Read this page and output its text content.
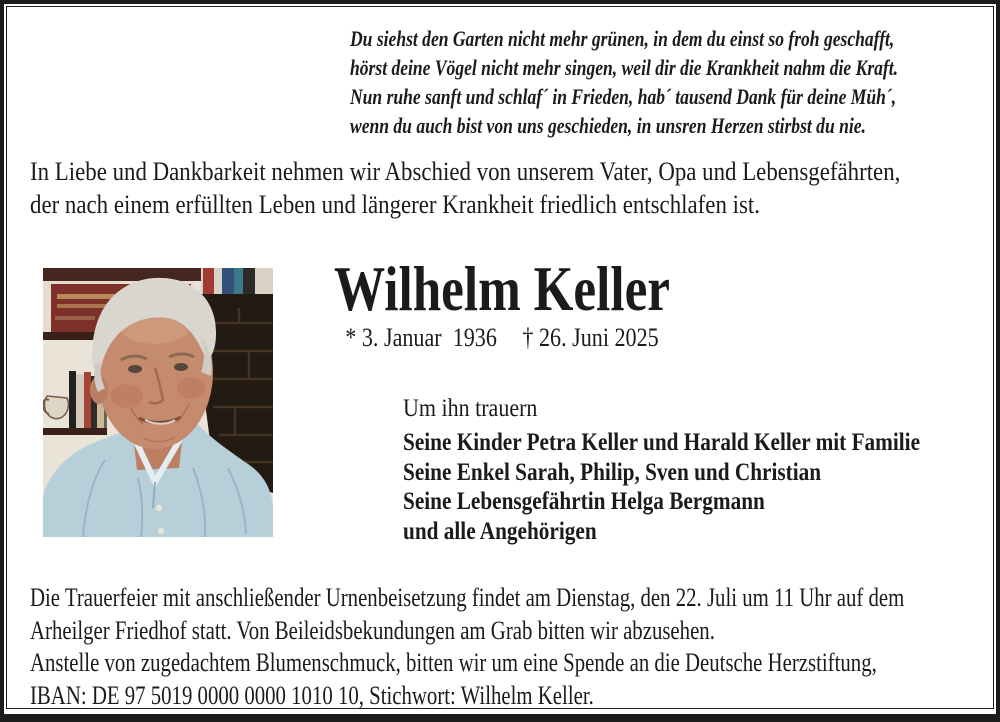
Du siehst den Garten nicht mehr grünen, in dem du einst so froh geschafft,
hörst deine Vögel nicht mehr singen, weil dir die Krankheit nahm die Kraft.
Nun ruhe sanft und schlaf´ in Frieden, hab´ tausend Dank für deine Müh´,
wenn du auch bist von uns geschieden, in unsren Herzen stirbst du nie.
In Liebe und Dankbarkeit nehmen wir Abschied von unserem Vater, Opa und Lebensgefährten,
der nach einem erfüllten Leben und längerer Krankheit friedlich entschlafen ist.
Wilhelm Keller
* 3. Januar  1936 † 26. Juni 2025
Um ihn trauern
Seine Kinder Petra Keller und Harald Keller mit Familie
Seine Enkel Sarah, Philip, Sven und Christian
Seine Lebensgefährtin Helga Bergmann
und alle Angehörigen
Die Trauerfeier mit anschließender Urnenbeisetzung findet am Dienstag, den 22. Juli um 11 Uhr auf dem
Arheilger Friedhof statt. Von Beileidsbekundungen am Grab bitten wir abzusehen.
Anstelle von zugedachtem Blumenschmuck, bitten wir um eine Spende an die Deutsche Herzstiftung,
IBAN: DE 97 5019 0000 0000 1010 10, Stichwort: Wilhelm Keller.
